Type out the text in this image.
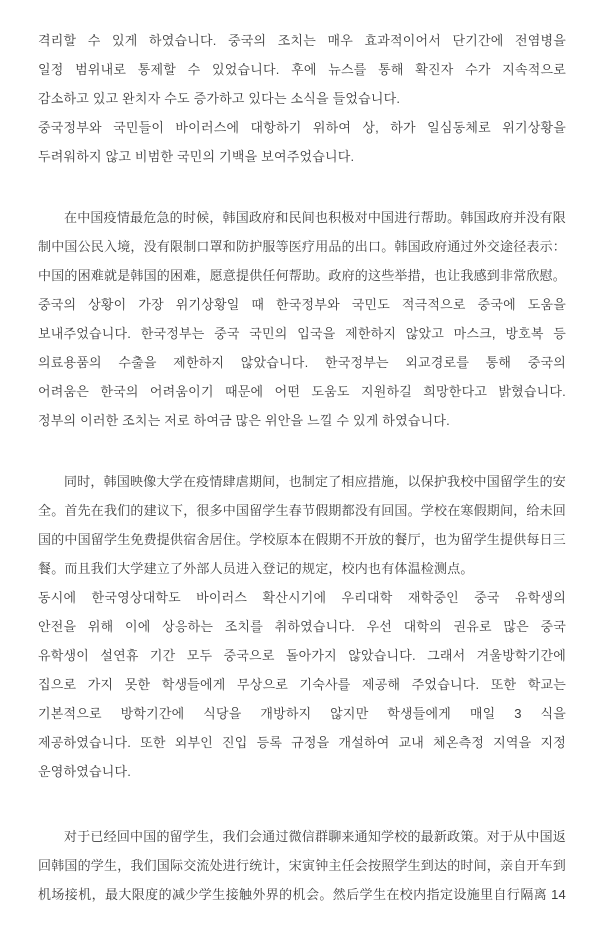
격리할 수 있게 하였습니다. 중국의 조치는 매우 효과적이어서 단기간에 전염병을
일정 범위내로 통제할 수 있었습니다. 후에 뉴스를 통해 확진자 수가 지속적으로
감소하고 있고 완치자 수도 증가하고 있다는 소식을 들었습니다.
중국정부와 국민들이 바이러스에 대항하기 위하여 상, 하가 일심동체로 위기상황을
두려워하지 않고 비범한 국민의 기백을 보여주었습니다.
在中国疫情最危急的时候，韩国政府和民间也积极对中国进行帮助。韩国政府并没有限
制中国公民入境，没有限制口罩和防护服等医疗用品的出口。韩国政府通过外交途径表示：
中国的困难就是韩国的困难，愿意提供任何帮助。政府的这些举措，也让我感到非常欣慰。
중국의 상황이 가장 위기상황일 때 한국정부와 국민도 적극적으로 중국에 도움을
보내주었습니다. 한국정부는 중국 국민의 입국을 제한하지 않았고 마스크, 방호복 등
의료용품의 수출을 제한하지 않았습니다. 한국정부는 외교경로를 통해 중국의
어려움은 한국의 어려움이기 때문에 어떤 도움도 지원하길 희망한다고 밝혔습니다.
정부의 이러한 조치는 저로 하여금 많은 위안을 느낄 수 있게 하였습니다.
同时，韩国映像大学在疫情肆虐期间，也制定了相应措施，以保护我校中国留学生的安
全。首先在我们的建议下，很多中国留学生春节假期都没有回国。学校在寒假期间，给未回
国的中国留学生免费提供宿舍居住。学校原本在假期不开放的餐厅，也为留学生提供每日三
餐。而且我们大学建立了外部人员进入登记的规定，校内也有体温检测点。
동시에 한국영상대학도 바이러스 확산시기에 우리대학 재학중인 중국 유학생의
안전을 위해 이에 상응하는 조치를 취하였습니다. 우선 대학의 권유로 많은 중국
유학생이 설연휴 기간 모두 중국으로 돌아가지 않았습니다. 그래서 겨울방학기간에
집으로 가지 못한 학생들에게 무상으로 기숙사를 제공해 주었습니다. 또한 학교는
기본적으로 방학기간에 식당을 개방하지 않지만 학생들에게 매일 3 식을
제공하였습니다. 또한 외부인 진입 등록 규정을 개설하여 교내 체온측정 지역을 지정
운영하였습니다.
对于已经回中国的留学生，我们会通过微信群聊来通知学校的最新政策。对于从中国返
回韩国的学生，我们国际交流处进行统计，宋寅钟主任会按照学生到达的时间，亲自开车到
机场接机，最大限度的减少学生接触外界的机会。然后学生在校内指定设施里自行隔离 14
